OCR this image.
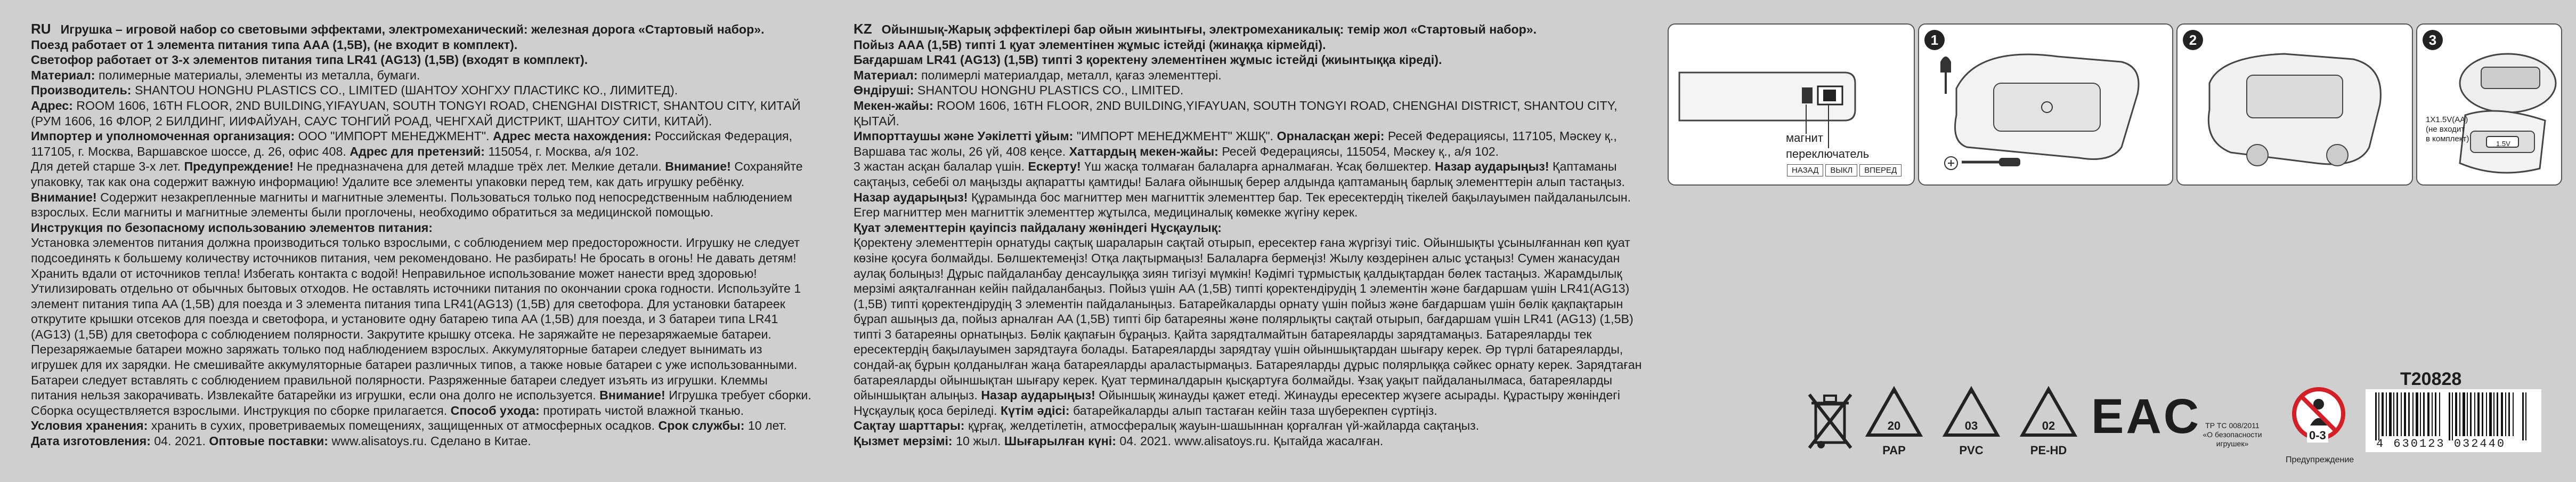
RU Игрушка – игровой набор со световыми эффектами, электромеханический: железная дорога «Стартовый набор».
Поезд работает от 1 элемента питания типа AAA (1,5В), (не входит в комплект).
Светофор работает от 3-х элементов питания типа LR41 (AG13) (1,5В) (входят в комплект).
Материал: полимерные материалы, элементы из металла, бумаги.
Производитель: SHANTOU HONGHU PLASTICS CO., LIMITED (ШАНТОУ ХОНГХУ ПЛАСТИКС КО., ЛИМИТЕД).
Адрес: ROOM 1606, 16TH FLOOR, 2ND BUILDING,YIFAYUAN, SOUTH TONGYI ROAD, CHENGHAI DISTRICT, SHANTOU CITY, КИТАЙ (РУМ 1606, 16 ФЛОР, 2 БИЛДИНГ, ИИФАЙУАН, САУС ТОНГИЙ РОАД, ЧЕНГХАЙ ДИСТРИКТ, ШАНТОУ СИТИ, КИТАЙ).
Импортер и уполномоченная организация: ООО "ИМПОРТ МЕНЕДЖМЕНТ". Адрес места нахождения: Российская Федерация, 117105, г. Москва, Варшавское шоссе, д. 26, офис 408. Адрес для претензий: 115054, г. Москва, а/я 102.
Для детей старше 3-х лет. Предупреждение! Не предназначена для детей младше трёх лет. Мелкие детали. Внимание! Сохраняйте упаковку, так как она содержит важную информацию! Удалите все элементы упаковки перед тем, как дать игрушку ребёнку. Внимание! Содержит незакрепленные магниты и магнитные элементы. Пользоваться только под непосредственным наблюдением взрослых. Если магниты и магнитные элементы были проглочены, необходимо обратиться за медицинской помощью.
Инструкция по безопасному использованию элементов питания:
Установка элементов питания должна производиться только взрослыми, с соблюдением мер предосторожности. Игрушку не следует подсоединять к большему количеству источников питания, чем рекомендовано. Не разбирать! Не бросать в огонь! Не давать детям! Хранить вдали от источников тепла! Избегать контакта с водой! Неправильное использование может нанести вред здоровью! Утилизировать отдельно от обычных бытовых отходов. Не оставлять источники питания по окончании срока годности. Используйте 1 элемент питания типа AA (1,5В) для поезда и 3 элемента питания типа LR41(AG13) (1,5В) для светофора. Для установки батареек открутите крышки отсеков для поезда и светофора, и установите одну батарею типа AA (1,5В) для поезда, и 3 батареи типа LR41 (AG13) (1,5В) для светофора с соблюдением полярности. Закрутите крышку отсека. Не заряжайте не перезаряжаемые батареи. Перезаряжаемые батареи можно заряжать только под наблюдением взрослых. Аккумуляторные батареи следует вынимать из игрушек для их зарядки. Не смешивайте аккумуляторные батареи различных типов, а также новые батареи с уже использованными. Батареи следует вставлять с соблюдением правильной полярности. Разряженные батареи следует изъять из игрушки. Клеммы питания нельзя закорачивать. Извлекайте батарейки из игрушки, если она долго не используется. Внимание! Игрушка требует сборки. Сборка осуществляется взрослыми. Инструкция по сборке прилагается. Способ ухода: протирать чистой влажной тканью.
Условия хранения: хранить в сухих, проветриваемых помещениях, защищенных от атмосферных осадков. Срок службы: 10 лет. Дата изготовления: 04. 2021. Оптовые поставки: www.alisatoys.ru. Сделано в Китае.

KZ Ойыншық-Жарық эффектілері бар ойын жиынтығы, электромеханикалық: темір жол «Стартовый набор».
Пойыз AAA (1,5B) типті 1 қуат элементінен жұмыс істейді (жинаққа кірмейді).
Бағдаршам LR41 (AG13) (1,5B) типті 3 қоректену элементінен жұмыс істейді (жиынтыққа кіреді).
Материал: полимерлі материалдар, металл, қағаз элементтері.
Өндіруші: SHANTOU HONGHU PLASTICS CO., LIMITED.
Мекен-жайы: ROOM 1606, 16TH FLOOR, 2ND BUILDING,YIFAYUAN, SOUTH TONGYI ROAD, CHENGHAI DISTRICT, SHANTOU CITY, ҚЫТАЙ.
Импорттаушы және Уәкілетті ұйым: "ИМПОРТ МЕНЕДЖМЕНТ" ЖШҚ". Орналасқан жері: Ресей Федерациясы, 117105, Мәскеу қ., Варшава тас жолы, 26 үй, 408 кеңсе. Хаттардың мекен-жайы: Ресей Федерациясы, 115054, Мәскеу қ., а/я 102.
3 жастан асқан балалар үшін. Ескерту! Үш жасқа толмаған балаларға арналмаған. Ұсақ бөлшектер. Назар аударыңыз! Қаптаманы сақтаңыз, себебі ол маңызды ақпаратты қамтиды! Балаға ойыншық берер алдында қаптаманың барлық элементтерін алып тастаңыз.
Назар аударыңыз! Құрамында бос магниттер мен магниттік элементтер бар. Тек ересектердің тікелей бақылауымен пайдаланылсын. Егер магниттер мен магниттік элементтер жұтылса, медициналық көмекке жүгіну керек.
Қуат элементтерін қауіпсіз пайдалану жөніндегі Нұсқаулық:
Қоректену элементтерін орнатуды сақтық шараларын сақтай отырып, ересектер ғана жүргізуі тиіс. Ойыншықты ұсынылғаннан көп қуат көзіне қосуға болмайды. Бөлшектемеңіз! Отқа лақтырмаңыз! Балаларға бермеңіз! Жылу көздерінен алыс ұстаңыз! Сумен жанасудан аулақ болыңыз! Дұрыс пайдаланбау денсаулыққа зиян тигізуі мүмкін! Кәдімгі тұрмыстық қалдықтардан бөлек тастаңыз. Жарамдылық мерзімі аяқталғаннан кейін пайдаланбаңыз. Пойыз үшін AA (1,5B) типті қоректендірудің 1 элементін және бағдаршам үшін LR41(AG13) (1,5B) типті қоректендірудің 3 элементін пайдаланыңыз. Батарейкаларды орнату үшін пойыз және бағдаршам үшін бөлік қақпақтарын бұрап ашыңыз да, пойыз арналған AA (1,5B) типті бір батареяны және полярлықты сақтай отырып, бағдаршам үшін LR41 (AG13) (1,5B) типті 3 батареяны орнатыңыз. Бөлік қақпағын бұраңыз. Қайта зарядталмайтын батареяларды зарядтамаңыз. Батареяларды тек ересектердің бақылауымен зарядтауға болады. Батареяларды зарядтау үшін ойыншықтардан шығару керек. Әр түрлі батареяларды, сондай-ақ бұрын қолданылған жаңа батареяларды араластырмаңыз. Батареяларды дұрыс полярлыққа сәйкес орнату керек. Зарядтаған батареяларды ойыншықтан шығару керек. Қуат терминалдарын қысқартуға болмайды. Ұзақ уақыт пайдаланылмаса, батареяларды ойыншықтан алыңыз. Назар аударыңыз! Ойыншық жинауды қажет етеді. Жинауды ересектер жүзеге асырады. Құрастыру жөніндегі Нұсқаулық қоса беріледі. Күтім әдісі: батарейкаларды алып тастаған кейін таза шүберекпен сүртіңіз.
Сақтау шарттары: құрғақ, желдетілетін, атмосфералық жауын-шашыннан қорғалған үй-жайларда сақтаңыз.
Қызмет мерзімі: 10 жыл. Шығарылған күні: 04. 2021. www.alisatoys.ru. Қытайда жасалған.

магнит
переключатель
НАЗАД	ВЫКЛ	ВПЕРЕД
1	2	3
1X1.5V(AA)
(не входит
в комплект)
1.5V
T20828
20
PAP
03
PVC
02
PE-HD
EAC ТР ТС 008/2011
«О безопасности игрушек»
0-3
Предупреждение
4 630123 032440
